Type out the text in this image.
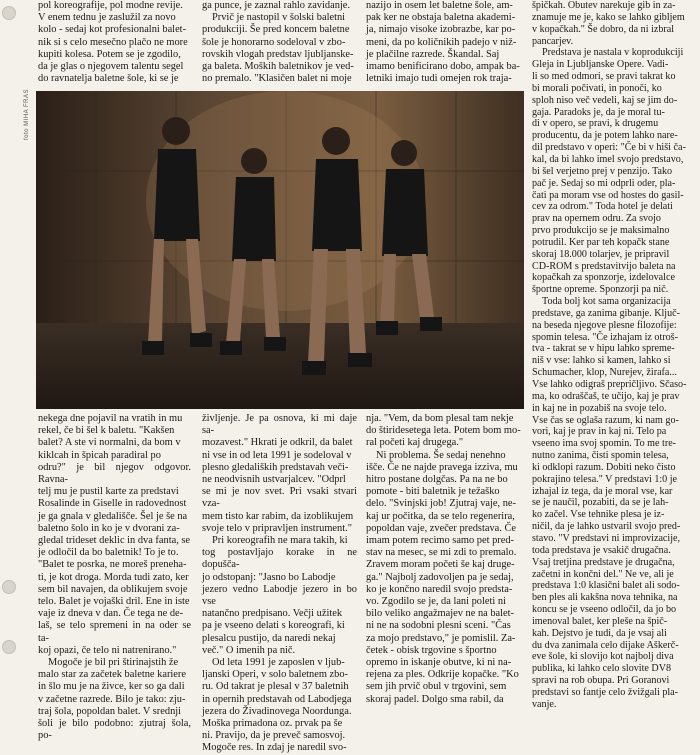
foto MIHA FRAS

pol koreografije, pol modne revije.

V enem tednu je zaslužil za novo

kolo - sedaj kot profesionalni balet-

nik si s celo mesečno plačo ne more

kupiti kolesa. Potem se je zgodilo,

da je glas o njegovem talentu segel

do ravnateljа baletne šole, ki se je

ga punce, je zaznal rahlo zavidanje.

Prvič je nastopil v šolski baletni

produkciji. Še pred koncem baletne

šole je honorarno sodeloval v zbo-

rovskih vlogah predstav ljubljanske-

ga baleta. Moških baletnikov je ved-

no premalo. "Klasičen balet ni moje

nazijo in osem let baletne šole, am-

pak ker ne obstaja baletna akademi-

ja, nimajo visoke izobrazbe, kar po-

meni, da po količnikih padejo v niž-

je plačilne razrede. Škandal. Saj

imamo benificirano dobo, ampak ba-

letniki imajo tudi omejen rok traja-

nekega dne pojavil na vratih in mu

rekel, če bi šel k baletu. "Kakšen

balet? A ste vi normalni, da bom v

kiklcah in špicah paradiral po

odru?" je bil njegov odgovor. Ravna-

telj mu je pustil karte za predstavi

Rosalinde in Giselle in radovednost

je ga gnala v gledališče. Šel je še na

baletno šolo in ko je v dvorani za-

gledal trideset deklic in dva fanta, se

je odločil da bo baletnik! To je to.

"Balet te posrka, ne moreš preneha-

ti, je kot droga. Morda tudi zato, ker

sem bil navajen, da oblikujem svoje

telo. Balet je vojaški dril. Ene in iste

vaje iz dneva v dan. Če tega ne de-

laš, se telo spremeni in na oder se ta-

koj opazi, če telo ni natreniranо."

Mogoče je bil pri štirinajstih že

malo star za začetek baletne kariere

in šlo mu je na živce, ker so ga dali

v začetne razrede. Bilo je tako: zju-

traj šola, popoldan balet. V srednji

šoli je bilo podobno: zjutraj šola, po-

življenje. Je pa osnova, ki mi daje sa-

mozavest." Hkrati je odkril, da balet

ni vse in od leta 1991 je sodeloval v

plesno gledaliških predstavah veči-

ne neodvisnih ustvarjalcev. "Odprl

se mi je nov svet. Pri vsaki stvari vza-

mem tisto kar rabim, da izoblikujem

svoje telo v pripravljen instrument."

Pri koreografih ne mara takih, ki

tog postavljajo korake in ne dopušča-

jo odstopanj: "Jasno bo Labodje

jezero vedno Labodje jezero in bo vse

natančno predpisano. Večji užitek

pa je vseeno delati s koreografi, ki

plesalcu pustijo, da naredi nekaj

več." O imenih pa nič.

Od leta 1991 je zaposlen v ljub-

ljanski Operi, v solo baletnem zbo-

ru. Od takrat je plesal v 37 baletnih

in opernih predstavah od Labodjega

jezera do Živadinovega Noordunga.

Moška primadona oz. prvak pa še

ni. Pravijo, da je preveč samosvoj.

Mogoče res. In zdaj je naredil svo-

nja. "Vem, da bom plesal tam nekje

do štiridesetega leta. Potem bom mo-

ral početi kaj drugega."

Ni problema. Še sedaj nenehno

išče. Če ne najde pravega izziva, mu

hitro postane dolgčas. Pa na ne bo

pomote - biti baletnik je težaško

delo. "Svinjski job! Zjutraj vaje, ne-

kaj ur počitka, da se telo regenerira,

popoldan vaje, zvečer predstava. Če

imam potem recimo samo pet pred-

stav na mesec, se mi zdi to premalo.

Zravem moram početi še kaj druge-

ga." Najbolj zadovoljen pa je sedaj,

ko je končno naredil svojo predsta-

vo. Zgodilo se je, da lani poleti ni

bilo veliko angažmajev ne na balet-

ni ne na sodobni plesni sceni. "Čas

za mojo predstavo," je pomislil. Za-

četek - obisk trgovine s športno

opremo in iskanje obutve, ki ni na-

rejena za ples. Odkrije kopačke. "Ko

sem jih prvič obul v trgovini, sem

skoraj padel. Dolgo sma rabil, da

špičkah. Obutev narekuje gib in za-

znamuje me je, kako se lahko gibljem

v kopačkah." Še dobro, da ni izbral

pancarjev.

Predstava je nastala v koprodukciji

Gleja in Ljubljanske Opere. Vadi-

li so med odmori, se pravi takrat ko

bi morali počivati, in ponoči, ko

sploh niso več vedeli, kaj se jim do-

gaja. Paradoks je, da je moral tu-

di v opero, se pravi, k drugemu

producentu, da je potem lahko nare-

dil predstavo v operi: "Če bi v hiši ča-

kal, da bi lahko imel svojo predstavo,

bi šel verjetno prej v penzijo. Tako

pač je. Sedaj so mi odprli oder, pla-

čati pa moram vse od hostes do gasil-

cev za odrom." Toda hotel je delati

prav na opernem odru. Za svojo

prvo produkcijo se je maksimalno

potrudil. Ker par teh kopačk stane

skoraj 18.000 tolarjev, je pripravil

CD-ROM s predstavitvijo baleta na

kopačkah za sponzorje, izdelovalce

športne opreme. Sponzorji pa nič.

Toda bolj kot sama organizacija

predstave, ga zanima gibanje. Ključ-

na beseda njegove plesne filozofije:

spomin telesa. "Če izhajam iz otroš-

tva - takrat se v hipu lahko spreme-

niš v vse: lahko si kamen, lahko si

Schumacher, klop, Nurejev, žirafa...

Vse lahko odigraš prepričljivo. Sčaso-

ma, ko odraščaš, te učijo, kaj je prav

in kaj ne in pozabiš na svoje telo.

Vse čas se oglaša razum, ki nam go-

vori, kaj je prav in kaj ni. Telo pa

vseeno ima svoj spomin. To me tre-

nutno zanima, čisti spomin telesa,

ki odklopi razum. Dobiti neko čisto

pokrajino telesa." V predstavi 1:0 je

izhajal iz tega, da je moral vse, kar

se je naučil, pozabiti, da se je lah-

ko začel. Vse tehnike plesa je iz-

ničil, da je lahko ustvaril svojo pred-

stavo. "V predstavi ni improvizacije,

toda predstava je vsakič drugačna.

Vsaj tretjina predstave je drugačna,

začetni in končni del." Ne ve, ali je

predstava 1:0 klasični balet ali sodo-

ben ples ali kakšna nova tehnika, na

koncu se je vseeno odločil, da jo bo

imenoval balet, ker pleše na špič-

kah. Dejstvo je tudi, da je vsaj ali

du dva zanimala celo dijake Aškerč-

eve šole, ki slovijo kot najbolj diva

publika, ki lahko celo slovite DV8

spravi na rob obupa. Pri Goranovi

predstavi so fantje celo žvižgali pla-

vanje.
